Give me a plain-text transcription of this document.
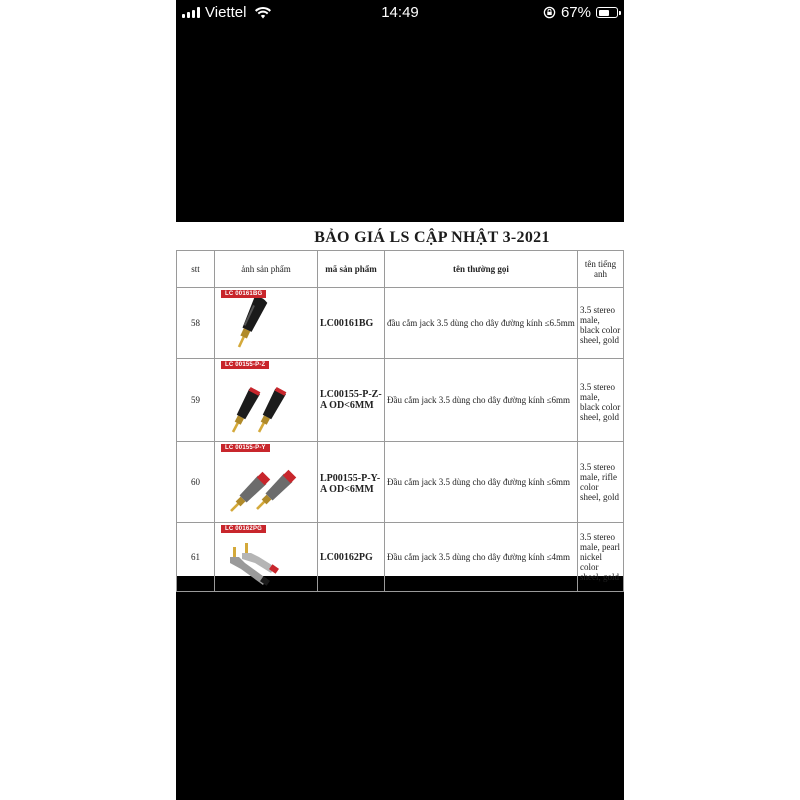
Viettel	14:49	67%
BẢO GIÁ LS CẬP NHẬT 3-2021
stt	ảnh sản phẩm	mã sản phẩm	tên thường gọi	tên tiếng anh
58	LC 00161BG	LC00161BG	đầu cắm jack 3.5 dùng cho dây đường kính ≤6.5mm	3.5 stereo male, black color sheel, gold
59	LC 00155-P-Z	LC00155-P-Z-A OD<6MM	Đầu cắm jack 3.5 dùng cho dây đường kính ≤6mm	3.5 stereo male, black color sheel, gold
60	LC 00155-P-Y	LP00155-P-Y-A OD<6MM	Đầu cắm jack 3.5 dùng cho dây đường kính ≤6mm	3.5 stereo male, rifle color sheel, gold
61	LC 00162PG	LC00162PG	Đầu cắm jack 3.5 dùng cho dây đường kính ≤4mm	3.5 stereo male, pearl nickel color sheel, gold
